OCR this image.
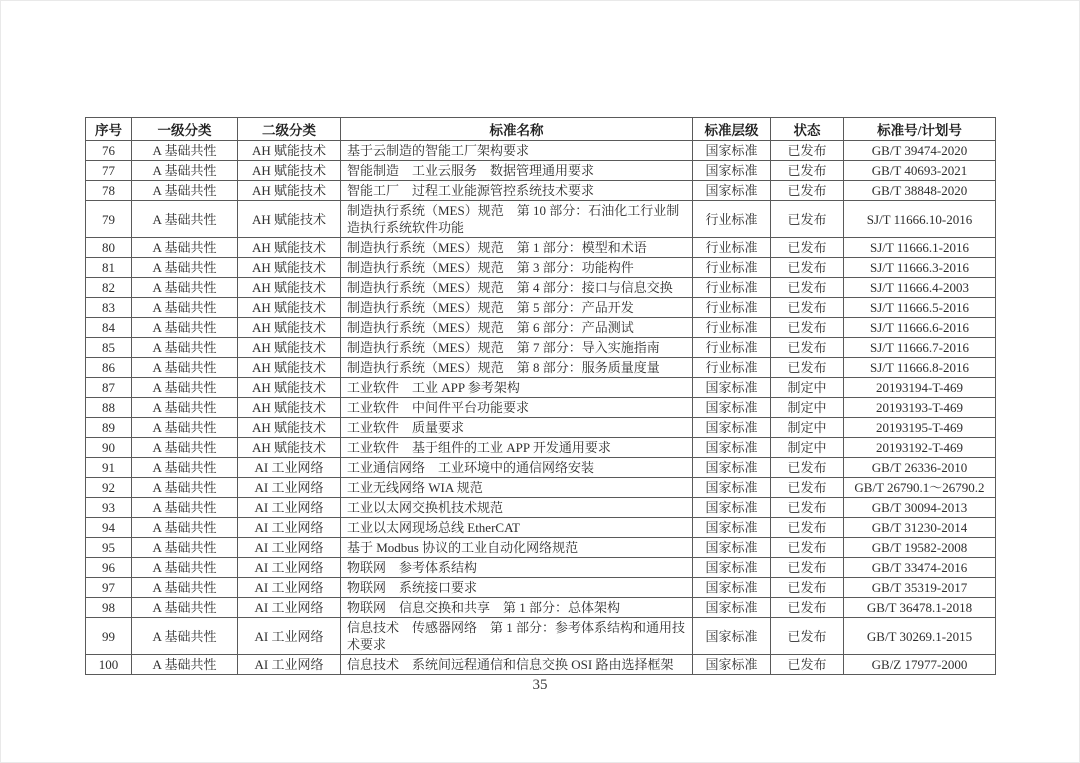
序号	一级分类	二级分类	标准名称	标准层级	状态	标准号/计划号
76	A 基础共性	AH 赋能技术	基于云制造的智能工厂架构要求	国家标准	已发布	GB/T 39474-2020
77	A 基础共性	AH 赋能技术	智能制造　工业云服务　数据管理通用要求	国家标准	已发布	GB/T 40693-2021
78	A 基础共性	AH 赋能技术	智能工厂　过程工业能源管控系统技术要求	国家标准	已发布	GB/T 38848-2020
79	A 基础共性	AH 赋能技术	制造执行系统（MES）规范　第 10 部分：石油化工行业制造执行系统软件功能	行业标准	已发布	SJ/T 11666.10-2016
80	A 基础共性	AH 赋能技术	制造执行系统（MES）规范　第 1 部分：模型和术语	行业标准	已发布	SJ/T 11666.1-2016
81	A 基础共性	AH 赋能技术	制造执行系统（MES）规范　第 3 部分：功能构件	行业标准	已发布	SJ/T 11666.3-2016
82	A 基础共性	AH 赋能技术	制造执行系统（MES）规范　第 4 部分：接口与信息交换	行业标准	已发布	SJ/T 11666.4-2003
83	A 基础共性	AH 赋能技术	制造执行系统（MES）规范　第 5 部分：产品开发	行业标准	已发布	SJ/T 11666.5-2016
84	A 基础共性	AH 赋能技术	制造执行系统（MES）规范　第 6 部分：产品测试	行业标准	已发布	SJ/T 11666.6-2016
85	A 基础共性	AH 赋能技术	制造执行系统（MES）规范　第 7 部分：导入实施指南	行业标准	已发布	SJ/T 11666.7-2016
86	A 基础共性	AH 赋能技术	制造执行系统（MES）规范　第 8 部分：服务质量度量	行业标准	已发布	SJ/T 11666.8-2016
87	A 基础共性	AH 赋能技术	工业软件　工业 APP 参考架构	国家标准	制定中	20193194-T-469
88	A 基础共性	AH 赋能技术	工业软件　中间件平台功能要求	国家标准	制定中	20193193-T-469
89	A 基础共性	AH 赋能技术	工业软件　质量要求	国家标准	制定中	20193195-T-469
90	A 基础共性	AH 赋能技术	工业软件　基于组件的工业 APP 开发通用要求	国家标准	制定中	20193192-T-469
91	A 基础共性	AI 工业网络	工业通信网络　工业环境中的通信网络安装	国家标准	已发布	GB/T 26336-2010
92	A 基础共性	AI 工业网络	工业无线网络 WIA 规范	国家标准	已发布	GB/T 26790.1～26790.2
93	A 基础共性	AI 工业网络	工业以太网交换机技术规范	国家标准	已发布	GB/T 30094-2013
94	A 基础共性	AI 工业网络	工业以太网现场总线 EtherCAT	国家标准	已发布	GB/T 31230-2014
95	A 基础共性	AI 工业网络	基于 Modbus 协议的工业自动化网络规范	国家标准	已发布	GB/T 19582-2008
96	A 基础共性	AI 工业网络	物联网　参考体系结构	国家标准	已发布	GB/T 33474-2016
97	A 基础共性	AI 工业网络	物联网　系统接口要求	国家标准	已发布	GB/T 35319-2017
98	A 基础共性	AI 工业网络	物联网　信息交换和共享　第 1 部分：总体架构	国家标准	已发布	GB/T 36478.1-2018
99	A 基础共性	AI 工业网络	信息技术　传感器网络　第 1 部分：参考体系结构和通用技术要求	国家标准	已发布	GB/T 30269.1-2015
100	A 基础共性	AI 工业网络	信息技术　系统间远程通信和信息交换 OSI 路由选择框架	国家标准	已发布	GB/Z 17977-2000
35
